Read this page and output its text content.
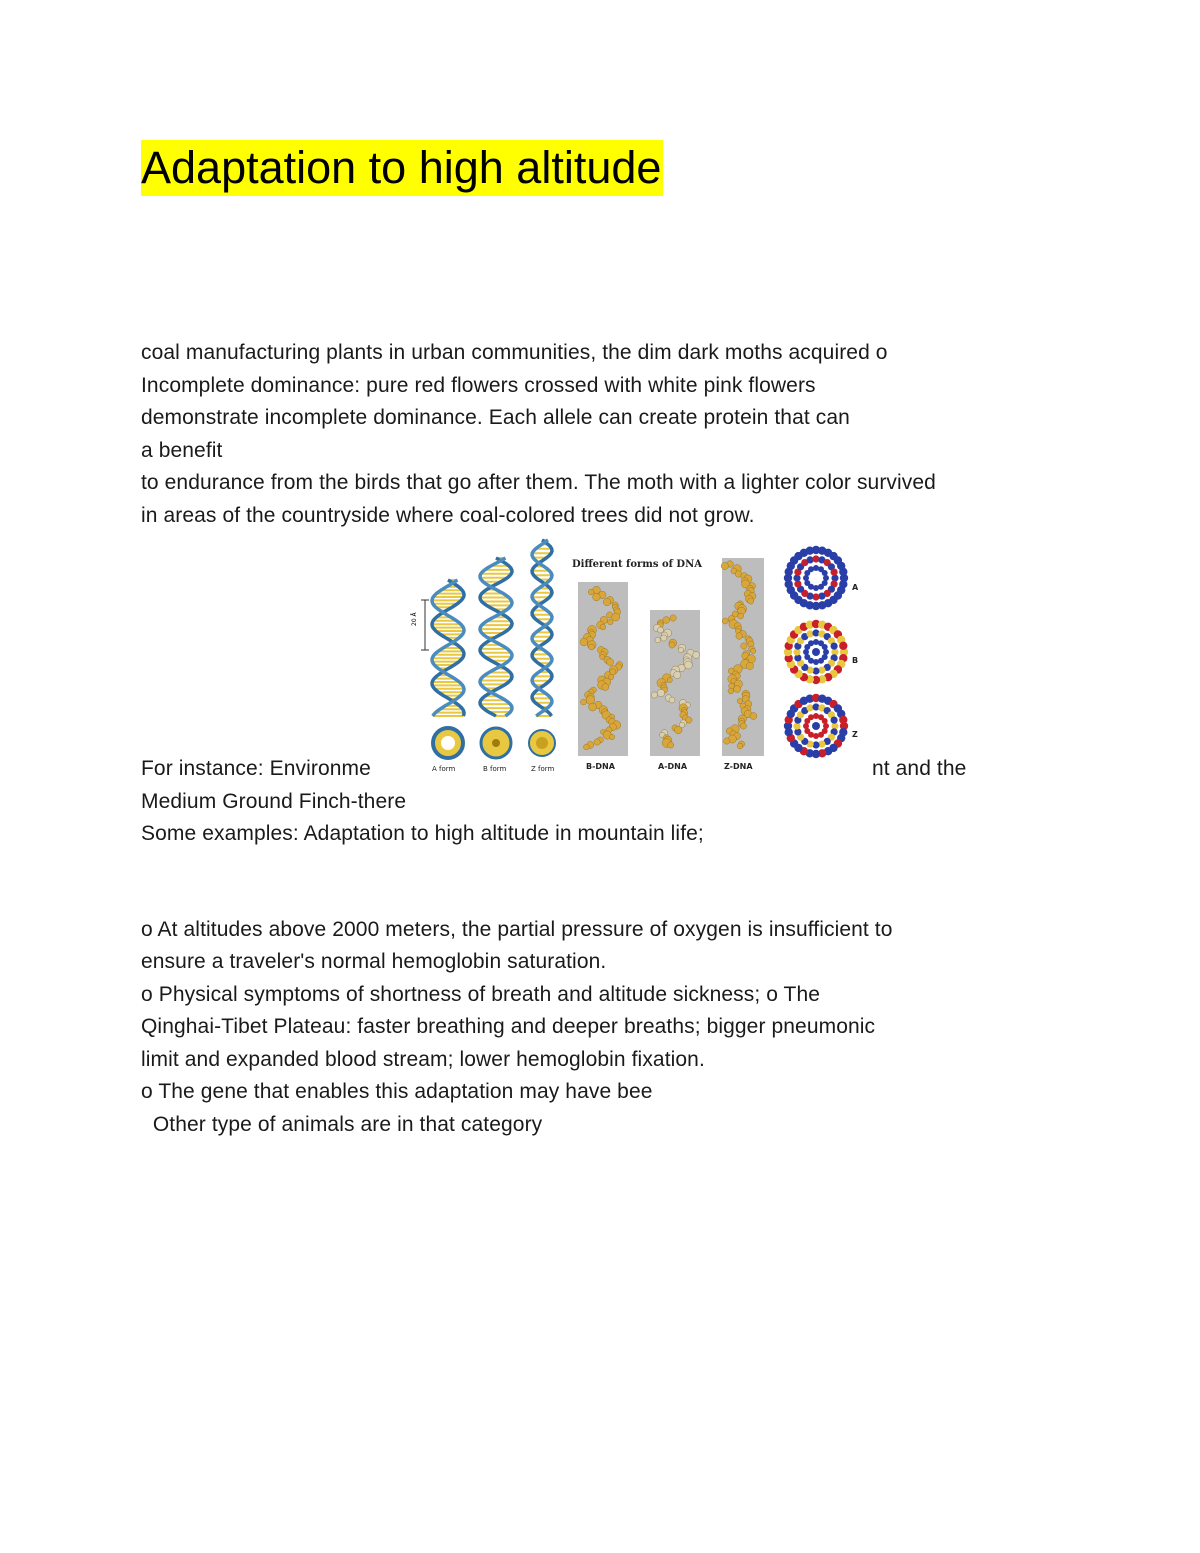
Adaptation to high altitude
coal manufacturing plants in urban communities, the dim dark moths acquired o
Incomplete dominance: pure red flowers crossed with white pink flowers
demonstrate incomplete dominance. Each allele can create protein that can
a benefit
to endurance from the birds that go after them. The moth with a lighter color survived
in areas of the countryside where coal-colored trees did not grow.
20 Å
A form	B form	Z form
Different forms of DNA
B-DNA	A-DNA	Z-DNA
A
B
Z
For instance: Environme	nt and the
Medium Ground Finch-there
Some examples: Adaptation to high altitude in mountain life;
o At altitudes above 2000 meters, the partial pressure of oxygen is insufficient to
ensure a traveler's normal hemoglobin saturation.
o Physical symptoms of shortness of breath and altitude sickness; o The
Qinghai-Tibet Plateau: faster breathing and deeper breaths; bigger pneumonic
limit and expanded blood stream; lower hemoglobin fixation.
o The gene that enables this adaptation may have bee
Other type of animals are in that category
